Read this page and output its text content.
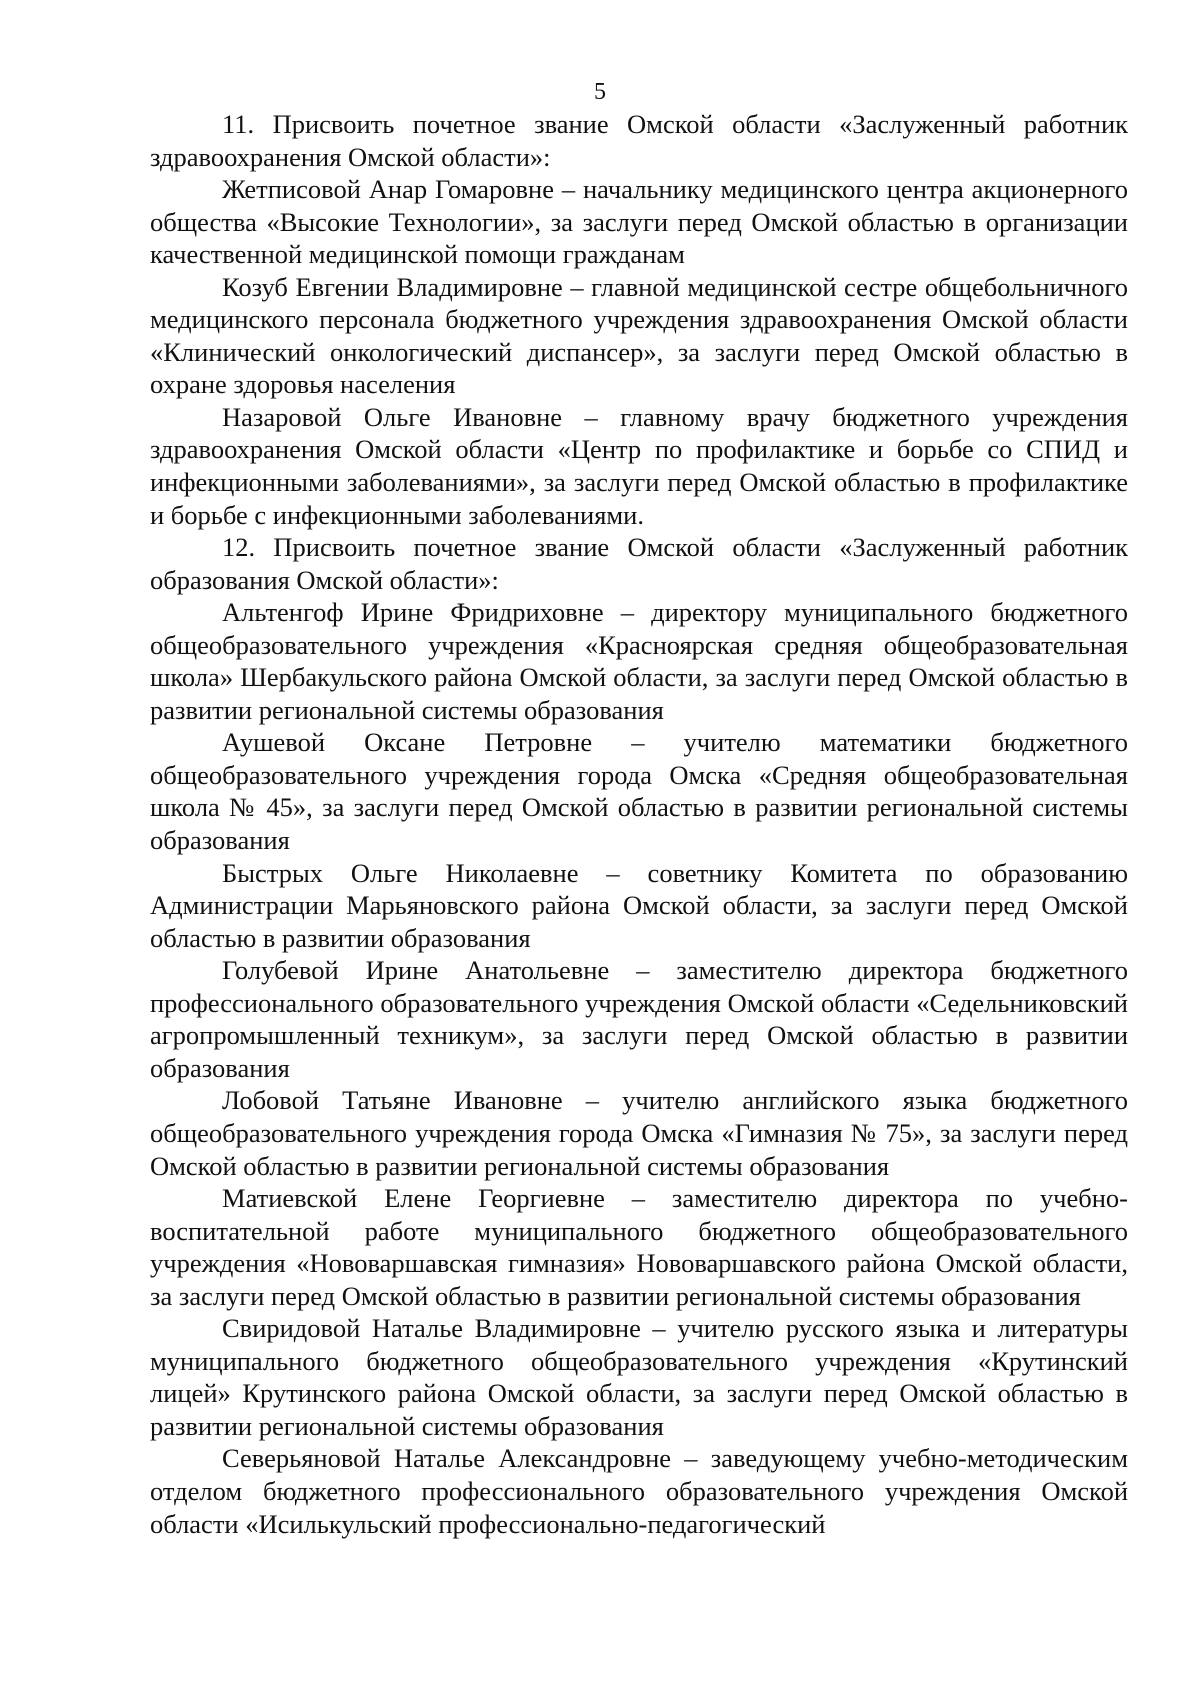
5

11. Присвоить почетное звание Омской области «Заслуженный работник здравоохранения Омской области»:

Жетписовой Анар Гомаровне – начальнику медицинского центра акционерного общества «Высокие Технологии», за заслуги перед Омской областью в организации качественной медицинской помощи гражданам

Козуб Евгении Владимировне – главной медицинской сестре общебольничного медицинского персонала бюджетного учреждения здравоохранения Омской области «Клинический онкологический диспансер», за заслуги перед Омской областью в охране здоровья населения

Назаровой Ольге Ивановне – главному врачу бюджетного учреждения здравоохранения Омской области «Центр по профилактике и борьбе со СПИД и инфекционными заболеваниями», за заслуги перед Омской областью в профилактике и борьбе с инфекционными заболеваниями.

12. Присвоить почетное звание Омской области «Заслуженный работник образования Омской области»:

Альтенгоф Ирине Фридриховне – директору муниципального бюджетного общеобразовательного учреждения «Красноярская средняя общеобразовательная школа» Шербакульского района Омской области, за заслуги перед Омской областью в развитии региональной системы образования

Аушевой Оксане Петровне – учителю математики бюджетного общеобразовательного учреждения города Омска «Средняя общеобразовательная школа № 45», за заслуги перед Омской областью в развитии региональной системы образования

Быстрых Ольге Николаевне – советнику Комитета по образованию Администрации Марьяновского района Омской области, за заслуги перед Омской областью в развитии образования

Голубевой Ирине Анатольевне – заместителю директора бюджетного профессионального образовательного учреждения Омской области «Седельниковский агропромышленный техникум», за заслуги перед Омской областью в развитии образования

Лобовой Татьяне Ивановне – учителю английского языка бюджетного общеобразовательного учреждения города Омска «Гимназия № 75», за заслуги перед Омской областью в развитии региональной системы образования

Матиевской Елене Георгиевне – заместителю директора по учебно-воспитательной работе муниципального бюджетного общеобразовательного учреждения «Нововаршавская гимназия» Нововаршавского района Омской области, за заслуги перед Омской областью в развитии региональной системы образования

Свиридовой Наталье Владимировне – учителю русского языка и литературы муниципального бюджетного общеобразовательного учреждения «Крутинский лицей» Крутинского района Омской области, за заслуги перед Омской областью в развитии региональной системы образования

Северьяновой Наталье Александровне – заведующему учебно-методическим отделом бюджетного профессионального образовательного учреждения Омской области «Исилькульский профессионально-педагогический
